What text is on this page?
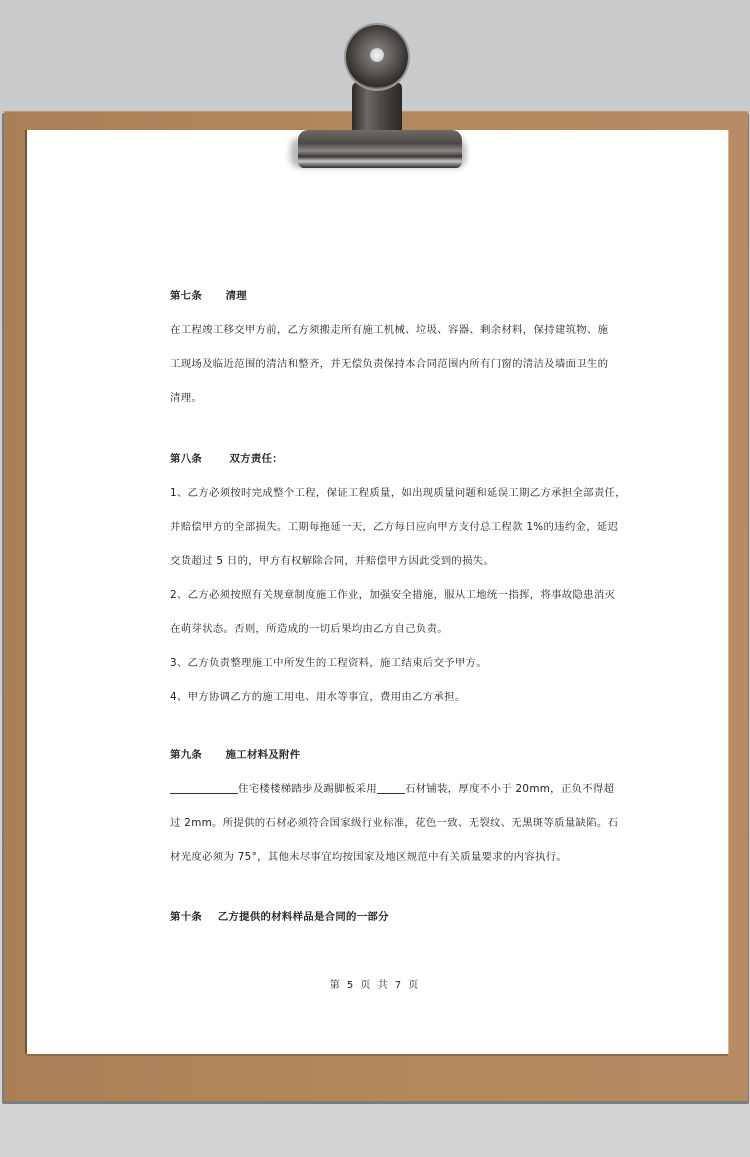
第七条      清理
在工程竣工移交甲方前，乙方须搬走所有施工机械、垃圾、容器、剩余材料，保持建筑物、施
工现场及临近范围的清洁和整齐，并无偿负责保持本合同范围内所有门窗的清洁及墙面卫生的
清理。
第八条       双方责任：
1、乙方必须按时完成整个工程，保证工程质量，如出现质量问题和延误工期乙方承担全部责任，
并赔偿甲方的全部损失。工期每拖延一天，乙方每日应向甲方支付总工程款 1%的违约金，延迟
交货超过 5 日的，甲方有权解除合同，并赔偿甲方因此受到的损失。
2、乙方必须按照有关规章制度施工作业，加强安全措施，服从工地统一指挥，将事故隐患消灭
在萌芽状态。否则，所造成的一切后果均由乙方自己负责。
3、乙方负责整理施工中所发生的工程资料，施工结束后交予甲方。
4、甲方协调乙方的施工用电、用水等事宜，费用由乙方承担。
第九条      施工材料及附件
住宅楼楼梯踏步及踢脚板采用	石材铺装，厚度不小于 20mm，正负不得超
过 2mm。所提供的石材必须符合国家级行业标准，花色一致、无裂纹、无黑斑等质量缺陷。石
材光度必须为 75°，其他未尽事宜均按国家及地区规范中有关质量要求的内容执行。
第十条    乙方提供的材料样品是合同的一部分
第 5 页 共 7 页
